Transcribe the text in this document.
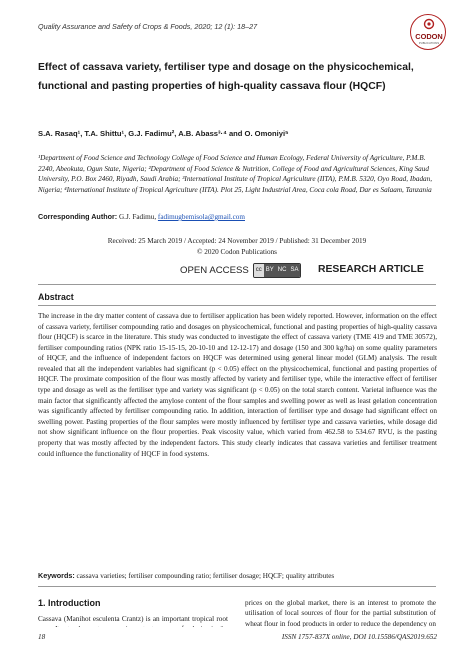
Quality Assurance and Safety of Crops & Foods, 2020; 12 (1): 18–27
CODON
PUBLICATIONS
Effect of cassava variety, fertiliser type and dosage on the physicochemical, functional and pasting properties of high-quality cassava flour (HQCF)
S.A. Rasaq¹, T.A. Shittu¹, G.J. Fadimu², A.B. Abass³·⁴ and O. Omoniyi⁵
¹Department of Food Science and Technology College of Food Science and Human Ecology, Federal University of Agriculture, P.M.B. 2240, Abeokuta, Ogun State, Nigeria; ²Department of Food Science & Nutrition, College of Food and Agricultural Sciences, King Saud University, P.O. Box 2460, Riyadh, Saudi Arabia; ³International Institute of Tropical Agriculture (IITA), P.M.B. 5320, Oyo Road, Ibadan, Nigeria; ⁴International Institute of Tropical Agriculture (IITA). Plot 25, Light Industrial Area, Coca cola Road, Dar es Salaam, Tanzania
Corresponding Author: G.J. Fadimu, fadimugbemisola@gmail.com
Received: 25 March 2019 / Accepted: 24 November 2019 / Published: 31 December 2019
© 2020 Codon Publications
OPEN ACCESS	cc BY NC SA RESEARCH ARTICLE
Abstract
The increase in the dry matter content of cassava due to fertiliser application has been widely reported. However, information on the effect of cassava variety, fertiliser compounding ratio and dosages on physicochemical, functional and pasting properties of high-quality cassava flour (HQCF) is scarce in the literature. This study was conducted to investigate the effect of cassava variety (TME 419 and TME 30572), fertiliser compounding ratios (NPK ratio 15-15-15, 20-10-10 and 12-12-17) and dosage (150 and 300 kg/ha) on some quality parameters of HQCF, and the influence of independent factors on HQCF was determined using general linear model (GLM) analysis. The result revealed that all the independent variables had significant (p < 0.05) effect on the physicochemical, functional and pasting properties of HQCF. The proximate composition of the flour was mostly affected by variety and fertiliser type, while the interactive effect of fertiliser type and dosage as well as the fertiliser type and variety was significant (p < 0.05) on the total starch content. Varietal influence was the main factor that significantly affected the amylose content of the flour samples and swelling power as well as least gelation concentration was significantly affected by fertiliser compounding ratio. In addition, interaction of fertiliser type and dosage had significant effect on swelling power. Pasting properties of the flour samples were mostly influenced by fertiliser type and cassava varieties, while dosage did not show significant influence on the flour properties. Peak viscosity value, which varied from 462.58 to 534.67 RVU, is the pasting property that was mostly affected by the independent factors. This study clearly indicates that cassava varieties and fertiliser treatment could influence the functionality of HQCF in food systems.
Keywords: cassava varieties; fertiliser compounding ratio; fertiliser dosage; HQCF; quality attributes
1. Introduction
Cassava (Manihot esculenta Crantz) is an important tropical root
prices on the global market, there is an interest to promote the utilisation of local sources of flour for the partial substitution of wheat flour in food products in order to reduce the dependency on
18	ISSN 1757-837X online, DOI 10.15586/QAS2019.652
